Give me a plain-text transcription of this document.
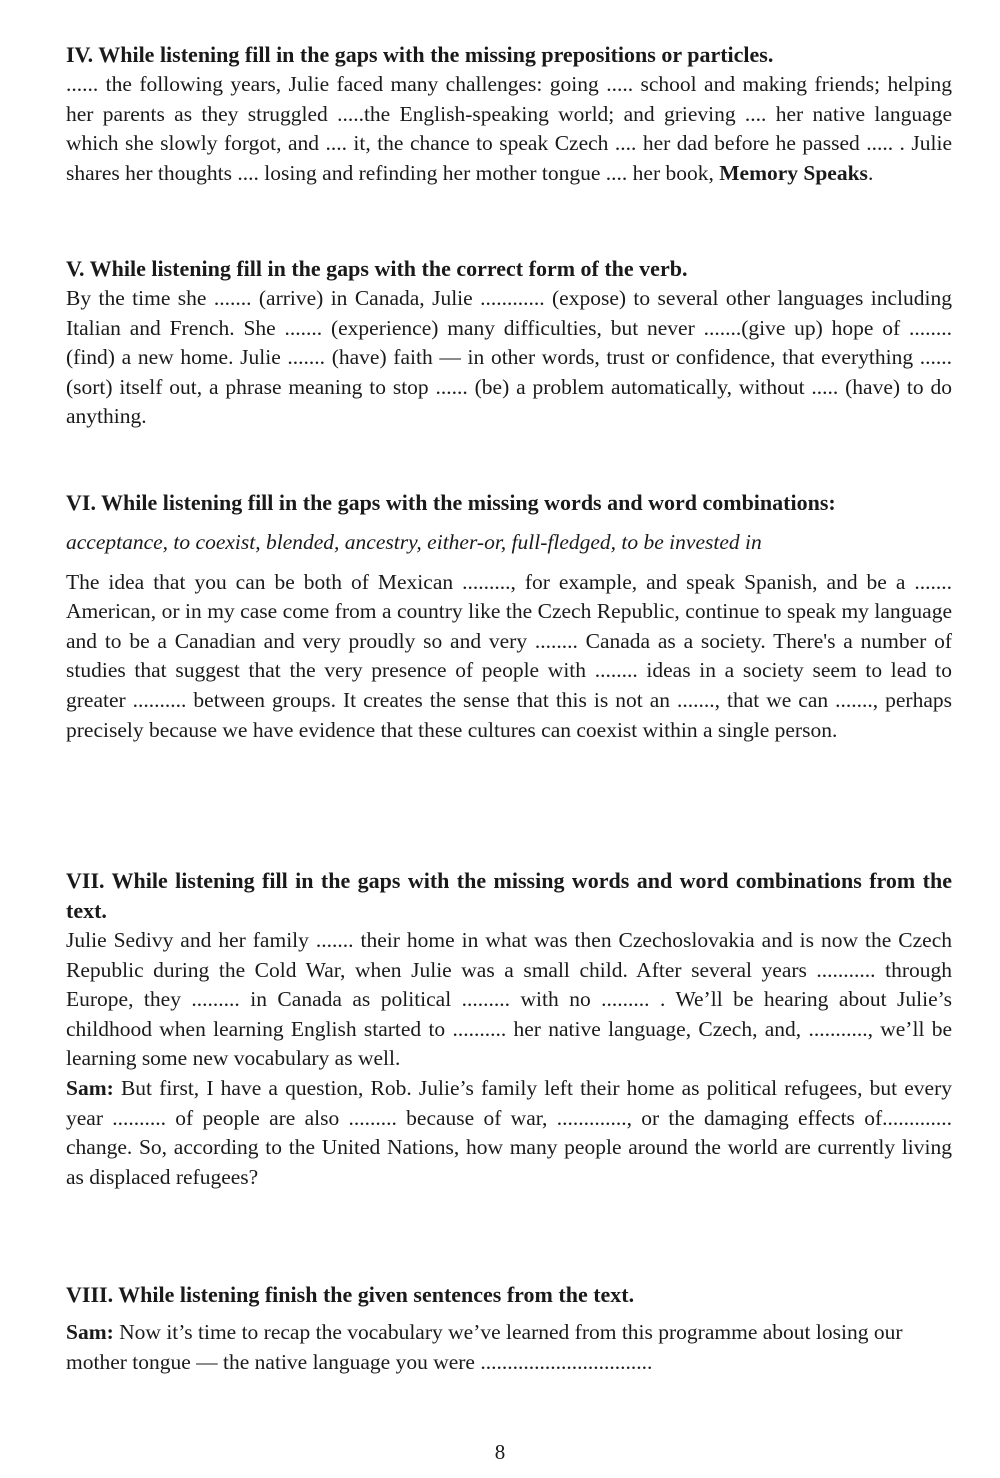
IV. While listening fill in the gaps with the missing prepositions or particles.

...... the following years, Julie faced many challenges: going ..... school and making friends; helping her parents as they struggled .....the English-speaking world; and grieving .... her native language which she slowly forgot, and .... it, the chance to speak Czech .... her dad before he passed ..... . Julie shares her thoughts .... losing and refinding her mother tongue .... her book, Memory Speaks.

V. While listening fill in the gaps with the correct form of the verb.

By the time she ....... (arrive) in Canada, Julie ............ (expose) to several other languages including Italian and French. She ....... (experience) many difficulties, but never .......(give up) hope of ........(find) a new home. Julie ....... (have) faith — in other words, trust or confidence, that everything ...... (sort) itself out, a phrase meaning to stop ...... (be) a problem automatically, without ..... (have) to do anything.

VI. While listening fill in the gaps with the missing words and word combinations:

acceptance, to coexist, blended, ancestry, either-or, full-fledged, to be invested in

The idea that you can be both of Mexican ........., for example, and speak Spanish, and be a ....... American, or in my case come from a country like the Czech Republic, continue to speak my language and to be a Canadian and very proudly so and very ........ Canada as a society. There's a number of studies that suggest that the very presence of people with ........ ideas in a society seem to lead to greater .......... between groups. It creates the sense that this is not an ......., that we can ......., perhaps precisely because we have evidence that these cultures can coexist within a single person.

VII. While listening fill in the gaps with the missing words and word combinations from the text.

Julie Sedivy and her family ....... their home in what was then Czechoslovakia and is now the Czech Republic during the Cold War, when Julie was a small child. After several years ........... through Europe, they ......... in Canada as political ......... with no ......... . We’ll be hearing about Julie’s childhood when learning English started to .......... her native language, Czech, and, ..........., we’ll be learning some new vocabulary as well.

Sam: But first, I have a question, Rob. Julie’s family left their home as political refugees, but every year .......... of people are also ......... because of war, ............., or the damaging effects of............. change. So, according to the United Nations, how many people around the world are currently living as displaced refugees?

VIII. While listening finish the given sentences from the text.

Sam: Now it’s time to recap the vocabulary we’ve learned from this programme about losing our mother tongue — the native language you were ................................

8
